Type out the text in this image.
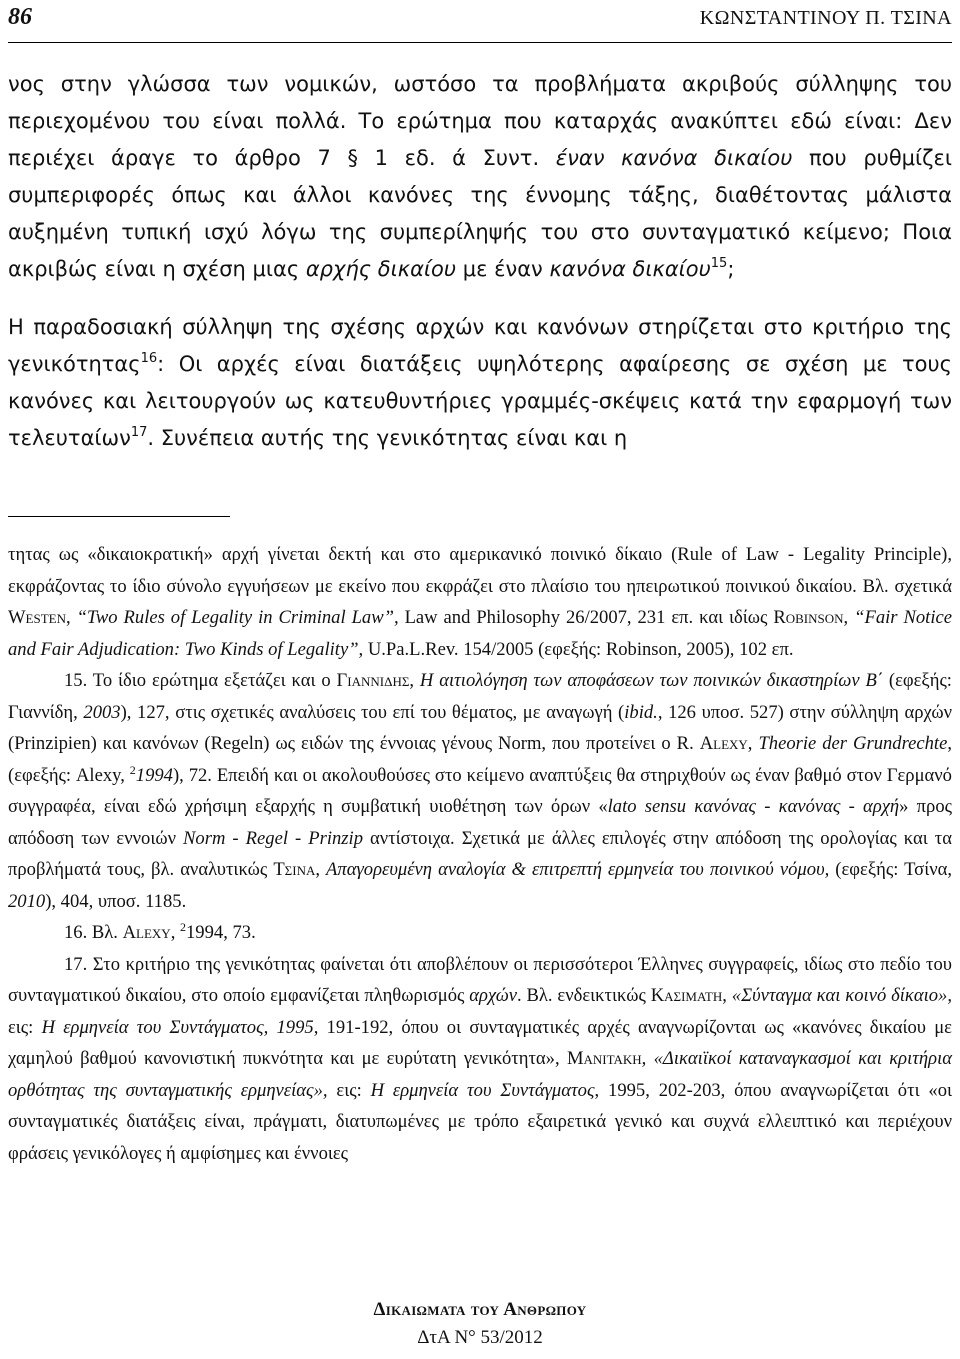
86	ΚΩΝΣΤΑΝΤΙΝΟΥ Π. ΤΣΙΝΑ

νος στην γλώσσα των νομικών, ωστόσο τα προβλήματα ακριβούς σύλληψης του περιεχομένου του είναι πολλά. Το ερώτημα που καταρχάς ανακύπτει εδώ είναι: Δεν περιέχει άραγε το άρθρο 7 § 1 εδ. ά Συντ. έναν κανόνα δικαίου που ρυθμίζει συμπεριφορές όπως και άλλοι κανόνες της έννομης τάξης, διαθέτοντας μάλιστα αυξημένη τυπική ισχύ λόγω της συμπερίληψής του στο συνταγματικό κείμενο; Ποια ακριβώς είναι η σχέση μιας αρχής δικαίου με έναν κανόνα δικαίου$^{15}$;

Η παραδοσιακή σύλληψη της σχέσης αρχών και κανόνων στηρίζεται στο κριτήριο της γενικότητας$^{16}$: Οι αρχές είναι διατάξεις υψηλότερης αφαίρεσης σε σχέση με τους κανόνες και λειτουργούν ως κατευθυντήριες γραμμές-σκέψεις κατά την εφαρμογή των τελευταίων$^{17}$. Συνέπεια αυτής της γενικότητας είναι και η

τητας ως «δικαιοκρατική» αρχή γίνεται δεκτή και στο αμερικανικό ποινικό δίκαιο (Rule of Law - Legality Principle), εκφράζοντας το ίδιο σύνολο εγγυήσεων με εκείνο που εκφράζει στο πλαίσιο του ηπειρωτικού ποινικού δικαίου. Βλ. σχετικά Westen, “Two Rules of Legality in Criminal Law”, Law and Philosophy 26/2007, 231 επ. και ιδίως Robinson, “Fair Notice and Fair Adjudication: Two Kinds of Legality”, U.Pa.L.Rev. 154/2005 (εφεξής: Robinson, 2005), 102 επ.

15. Το ίδιο ερώτημα εξετάζει και ο Γιαννιδης, Η αιτιολόγηση των αποφάσεων των ποινικών δικαστηρίων Β΄ (εφεξής: Γιαννίδη, 2003), 127, στις σχετικές αναλύσεις του επί του θέματος, με αναγωγή (ibid., 126 υποσ. 527) στην σύλληψη αρχών (Prinzipien) και κανόνων (Regeln) ως ειδών της έννοιας γένους Norm, που προτείνει ο R. Alexy, Theorie der Grundrechte, (εφεξής: Alexy, $^2$1994), 72. Επειδή και οι ακολουθούσες στο κείμενο αναπτύξεις θα στηριχθούν ως έναν βαθμό στον Γερμανό συγγραφέα, είναι εδώ χρήσιμη εξαρχής η συμβατική υιοθέτηση των όρων «lato sensu κανόνας - κανόνας - αρχή» προς απόδοση των εννοιών Norm - Regel - Prinzip αντίστοιχα. Σχετικά με άλλες επιλογές στην απόδοση της ορολογίας και τα προβλήματά τους, βλ. αναλυτικώς Τσινα, Απαγορευμένη αναλογία & επιτρεπτή ερμηνεία του ποινικού νόμου, (εφεξής: Τσίνα, 2010), 404, υποσ. 1185.

16. Βλ. Alexy, $^2$1994, 73.

17. Στο κριτήριο της γενικότητας φαίνεται ότι αποβλέπουν οι περισσότεροι Έλληνες συγγραφείς, ιδίως στο πεδίο του συνταγματικού δικαίου, στο οποίο εμφανίζεται πληθωρισμός αρχών. Βλ. ενδεικτικώς Κασιματη, «Σύνταγμα και κοινό δίκαιο», εις: Η ερμηνεία του Συντάγματος, 1995, 191-192, όπου οι συνταγματικές αρχές αναγνωρίζονται ως «κανόνες δικαίου με χαμηλού βαθμού κανονιστική πυκνότητα και με ευρύτατη γενικότητα», Μανιτακη, «Δικαιϊκοί καταναγκασμοί και κριτήρια ορθότητας της συνταγματικής ερμηνείας», εις: Η ερμηνεία του Συντάγματος, 1995, 202-203, όπου αναγνωρίζεται ότι «οι συνταγματικές διατάξεις είναι, πράγματι, διατυπωμένες με τρόπο εξαιρετικά γενικό και συχνά ελλειπτικό και περιέχουν φράσεις γενικόλογες ή αμφίσημες και έννοιες

Δικαιωματα του Ανθρωπου
ΔτΑ Ν° 53/2012
